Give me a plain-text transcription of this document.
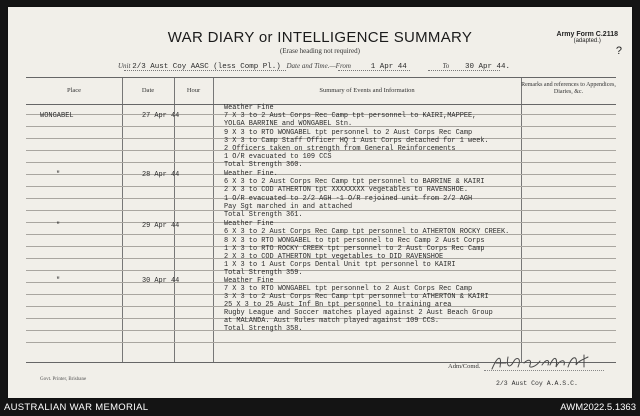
WAR DIARY or INTELLIGENCE SUMMARY
(Erase heading not required)
Army Form C.2118
(adapted.)
?
Unit 2/3 Aust Coy AASC (less Comp Pl.) Date and Time.—From	1 Apr 44	To 30 Apr 44.
Place	Date	Hour	Summary of Events and Information
Remarks and references to Appendices, Diaries, &c.
WONGABEL	27 Apr 44
Weather Fine
7 X 3 to 2 Aust Corps Rec Camp tpt personnel to KAIRI,MAPPEE,
YOLGA BARRINE and WONGABEL Stn.
9 X 3 to RTO WONGABEL tpt personnel to 2 Aust Corps Rec Camp
3 X 3 to Camp Staff Officer HQ 1 Aust Corps detached for 1 week.
2 Officers taken on strength from General Reinforcements
1 O/R evacuated to 109 CCS
Total Strength 360.
"	28 Apr 44	Weather Fine.
6 X 3 to 2 Aust Corps Rec Camp tpt personnel to BARRINE & KAIRI
2 X 3 to COD ATHERTON tpt XXXXXXXX vegetables to RAVENSHOE.
1 O/R evacuated to 2/2 AGH -1 O/R rejoined unit from 2/2 AGH
Pay Sgt marched in and attached
Total Strength 361.
"	29 Apr 44	Weather Fine
6 X 3 to 2 Aust Corps Rec Camp tpt personnel to ATHERTON ROCKY CREEK.
8 X 3 to RTO WONGABEL to tpt personnel to Rec Camp 2 Aust Corps
1 X 3 to RTO ROCKY CREEK tpt personnel to 2 Aust Corps Rec Camp
2 X 3 to COD ATHERTON tpt vegetables to DID RAVENSHOE
1 X 3 to 1 Aust Corps Dental Unit tpt personnel to KAIRI
Total Strength 359.
"	30 Apr 44	Weather Fine
7 X 3 to RTO WONGABEL tpt personnel to 2 Aust Corps Rec Camp
3 X 3 to 2 Aust Corps Rec Camp tpt personnel to ATHERTON & KAIRI
25 X 3 to 25 Aust Inf Bn tpt personnel to training area
Rugby League and Soccer matches played against 2 Aust Beach Group
at MALANDA. Aust Rules match played against 109 CCS.
Total Strength 358.
Govt. Printer, Brisbane
Adm/Comd.
2/3 Aust Coy A.A.S.C.
AUSTRALIAN WAR MEMORIAL	AWM2022.5.1363
